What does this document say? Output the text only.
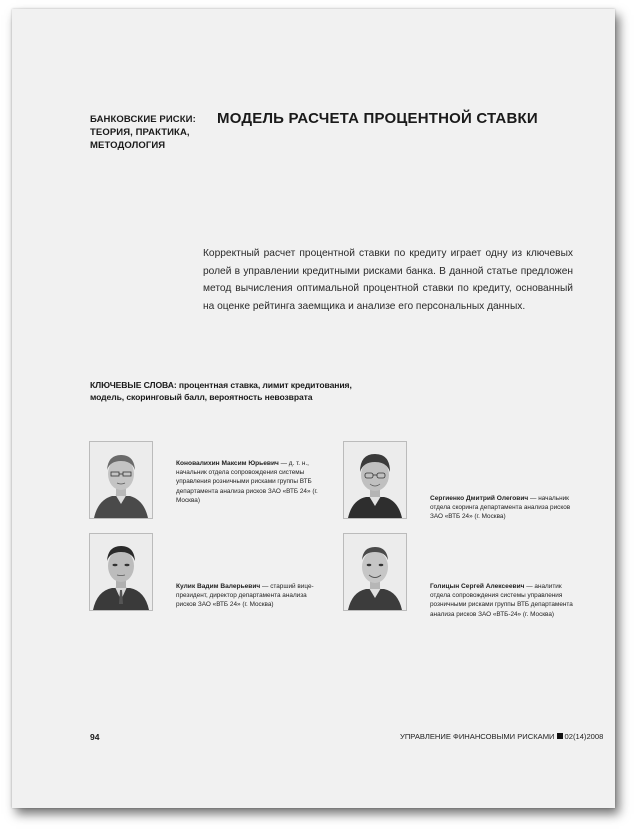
БАНКОВСКИЕ РИСКИ:
ТЕОРИЯ, ПРАКТИКА,
МЕТОДОЛОГИЯ
МОДЕЛЬ РАСЧЕТА ПРОЦЕНТНОЙ СТАВКИ
Корректный расчет процентной ставки по кредиту играет одну из ключевых ролей в управлении кредитными рисками банка. В данной статье предложен метод вычисления оптимальной процентной ставки по кредиту, основанный на оценке рейтинга заемщика и анализе его персональных данных.
КЛЮЧЕВЫЕ СЛОВА: процентная ставка, лимит кредитования, модель, скоринговый балл, вероятность невозврата
Коновалихин Максим Юрьевич — д. т. н., начальник отдела сопровождения системы управления розничными рисками группы ВТБ департамента анализа рисков ЗАО «ВТБ 24» (г. Москва)	Сергиенко Дмитрий Олегович — начальник отдела скоринга департамента анализа рисков ЗАО «ВТБ 24» (г. Москва)
Кулик Вадим Валерьевич — старший вице-президент, директор департамента анализа рисков ЗАО «ВТБ 24» (г. Москва)
Голицын Сергей Алексеевич — аналитик отдела сопровождения системы управления розничными рисками группы ВТБ департамента анализа рисков ЗАО «ВТБ-24» (г. Москва)
94	УПРАВЛЕНИЕ ФИНАНСОВЫМИ РИСКАМИ 02(14)2008
